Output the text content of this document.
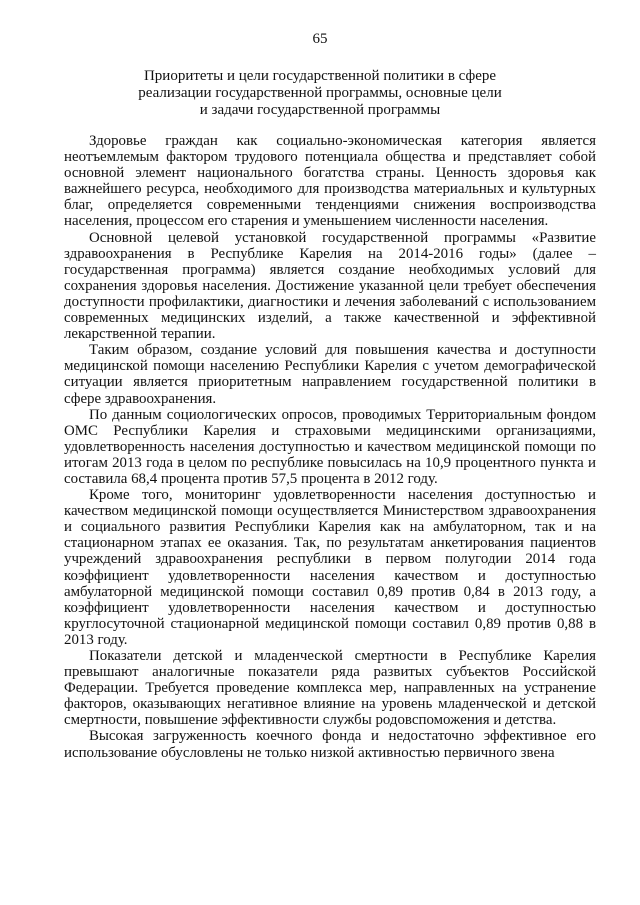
65
Приоритеты и цели государственной политики в сфере
реализации государственной программы, основные цели
и задачи государственной программы

Здоровье граждан как социально-экономическая категория является неотъемлемым фактором трудового потенциала общества и представляет собой основной элемент национального богатства страны. Ценность здоровья как важнейшего ресурса, необходимого для производства материальных и культурных благ, определяется современными тенденциями снижения воспроизводства населения, процессом его старения и уменьшением численности населения.

Основной целевой установкой государственной программы «Развитие здравоохранения в Республике Карелия на 2014-2016 годы» (далее – государственная программа) является создание необходимых условий для сохранения здоровья населения. Достижение указанной цели требует обеспечения доступности профилактики, диагностики и лечения заболеваний с использованием современных медицинских изделий, а также качественной и эффективной лекарственной терапии.

Таким образом, создание условий для повышения качества и доступности медицинской помощи населению Республики Карелия с учетом демографической ситуации является приоритетным направлением государственной политики в сфере здравоохранения.

По данным социологических опросов, проводимых Территориальным фондом ОМС Республики Карелия и страховыми медицинскими организациями, удовлетворенность населения доступностью и качеством медицинской помощи по итогам 2013 года в целом по республике повысилась на 10,9 процентного пункта и составила 68,4 процента против 57,5 процента в 2012 году.

Кроме того, мониторинг удовлетворенности населения доступностью и качеством медицинской помощи осуществляется Министерством здравоохранения и социального развития Республики Карелия как на амбулаторном, так и на стационарном этапах ее оказания. Так, по результатам анкетирования пациентов учреждений здравоохранения республики в первом полугодии 2014 года коэффициент удовлетворенности населения качеством и доступностью амбулаторной медицинской помощи составил 0,89 против 0,84 в 2013 году, а коэффициент удовлетворенности населения качеством и доступностью круглосуточной стационарной медицинской помощи составил 0,89 против 0,88 в 2013 году.

Показатели детской и младенческой смертности в Республике Карелия превышают аналогичные показатели ряда развитых субъектов Российской Федерации. Требуется проведение комплекса мер, направленных на устранение факторов, оказывающих негативное влияние на уровень младенческой и детской смертности, повышение эффективности службы родовспоможения и детства.

Высокая загруженность коечного фонда и недостаточно эффективное его использование обусловлены не только низкой активностью первичного звена
